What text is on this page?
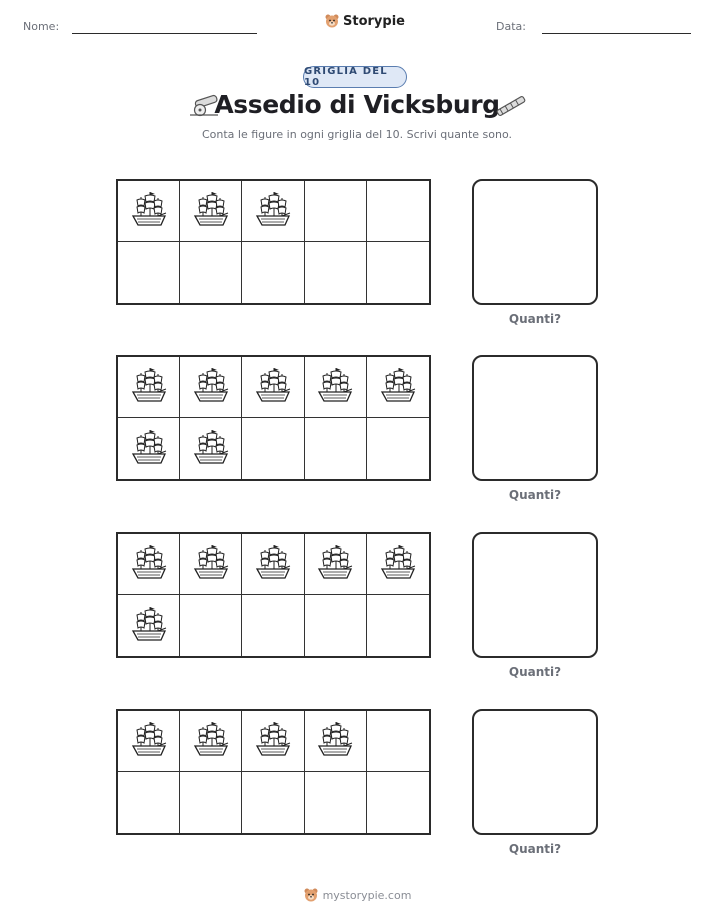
Nome:	Storypie	Data:
GRIGLIA DEL 10
Assedio di Vicksburg
Conta le figure in ogni griglia del 10. Scrivi quante sono.
Quanti?
Quanti?
Quanti?
Quanti?
mystorypie.com
